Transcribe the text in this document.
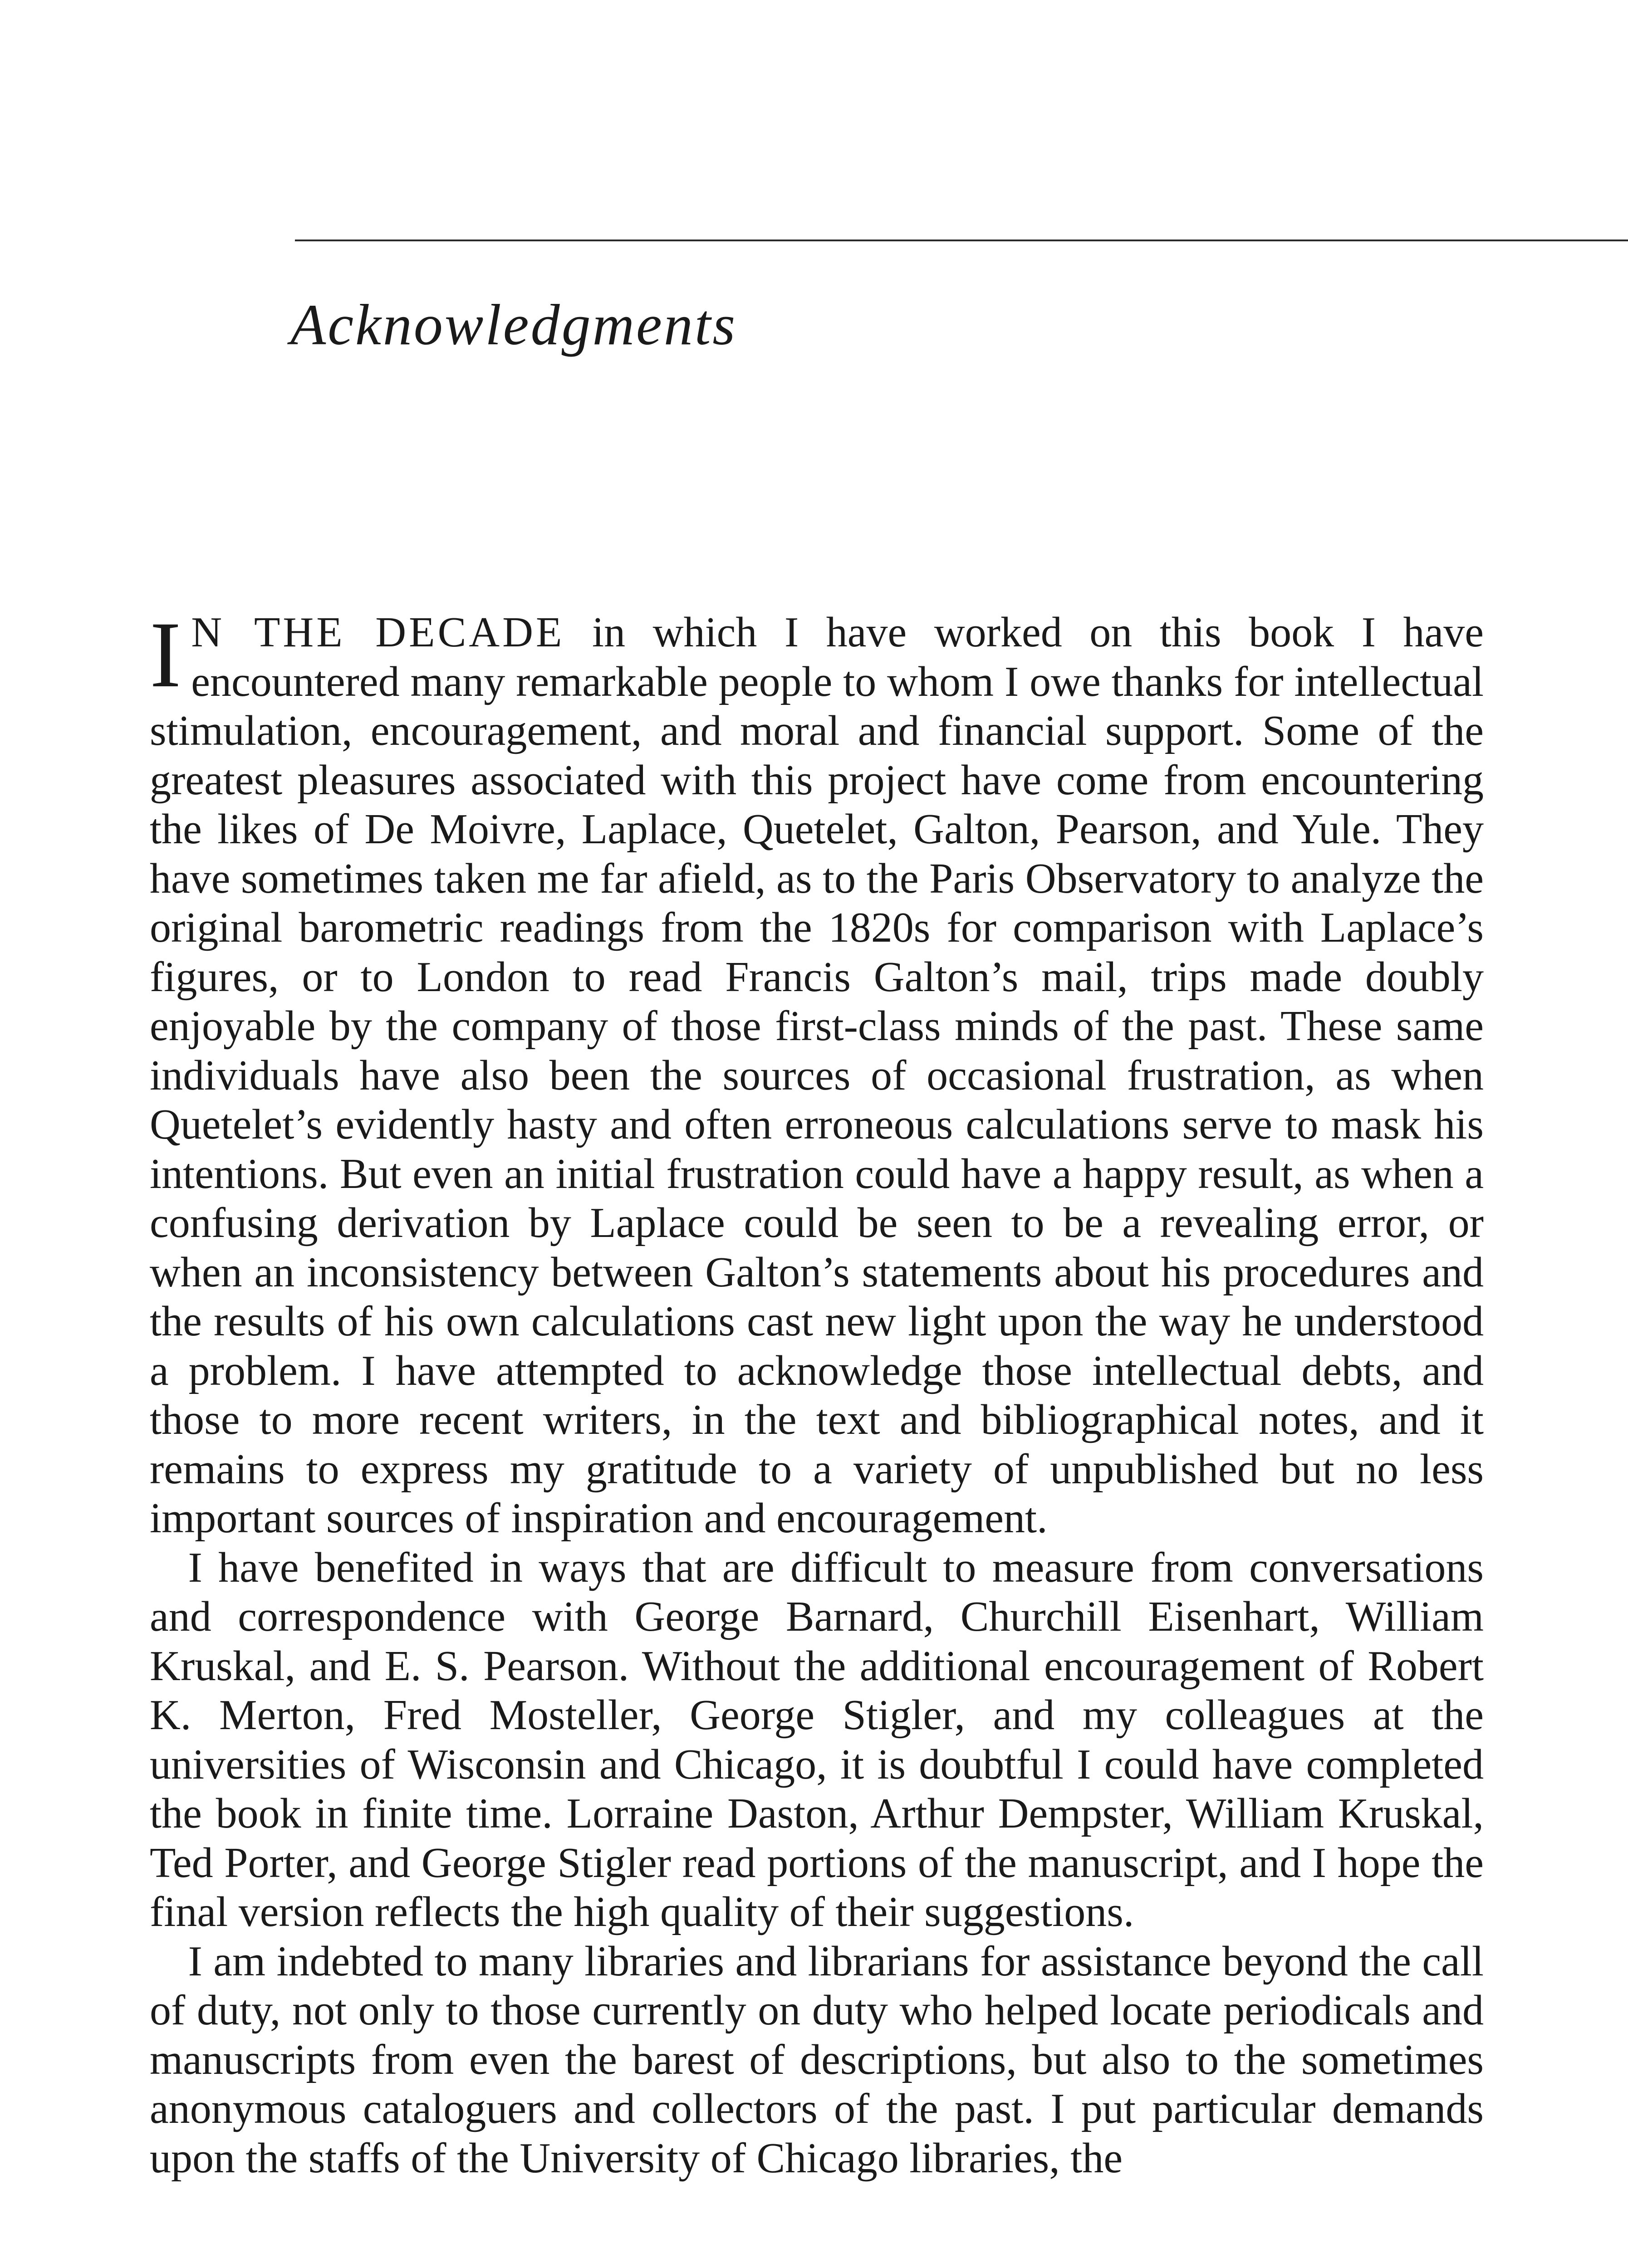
Acknowledgments

I N THE DECADE in which I have worked on this book I have encountered many remarkable people to whom I owe thanks for intellectual stimulation, encouragement, and moral and financial support. Some of the greatest pleasures associated with this project have come from encountering the likes of De Moivre, Laplace, Quetelet, Galton, Pearson, and Yule. They have sometimes taken me far afield, as to the Paris Observatory to analyze the original barometric readings from the 1820s for comparison with Laplace’s figures, or to London to read Francis Galton’s mail, trips made doubly enjoyable by the company of those first-class minds of the past. These same individuals have also been the sources of occasional frustration, as when Quetelet’s evidently hasty and often erroneous calculations serve to mask his intentions. But even an initial frustration could have a happy result, as when a confusing derivation by Laplace could be seen to be a revealing error, or when an inconsistency between Galton’s statements about his procedures and the results of his own calculations cast new light upon the way he understood a problem. I have attempted to acknowledge those intellectual debts, and those to more recent writers, in the text and bibliographical notes, and it remains to express my gratitude to a variety of unpublished but no less important sources of inspiration and encouragement.

I have benefited in ways that are difficult to measure from conversations and correspondence with George Barnard, Churchill Eisenhart, William Kruskal, and E. S. Pearson. Without the additional encouragement of Robert K. Merton, Fred Mosteller, George Stigler, and my colleagues at the universities of Wisconsin and Chicago, it is doubtful I could have completed the book in finite time. Lorraine Daston, Arthur Dempster, William Kruskal, Ted Porter, and George Stigler read portions of the manuscript, and I hope the final version reflects the high quality of their suggestions.

I am indebted to many libraries and librarians for assistance beyond the call of duty, not only to those currently on duty who helped locate periodicals and manuscripts from even the barest of descriptions, but also to the sometimes anonymous cataloguers and collectors of the past. I put particular demands upon the staffs of the University of Chicago libraries, the
